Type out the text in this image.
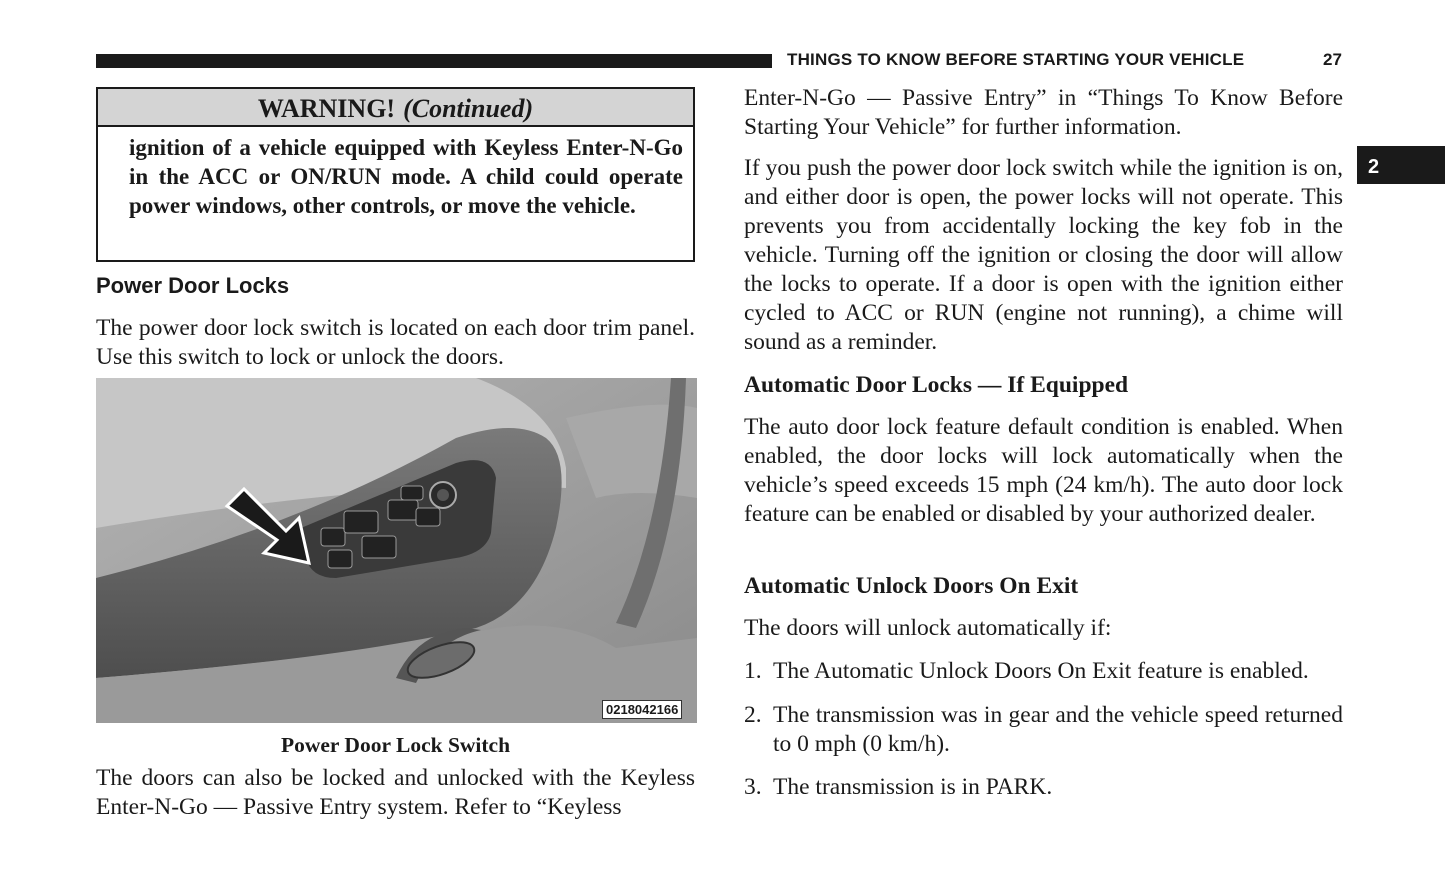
THINGS TO KNOW BEFORE STARTING YOUR VEHICLE	27
2
WARNING! (Continued)
ignition of a vehicle equipped with Keyless Enter-N-Go in the ACC or ON/RUN mode. A child could operate power windows, other controls, or move the vehicle.
Power Door Locks
The power door lock switch is located on each door trim panel. Use this switch to lock or unlock the doors.
0218042166
Power Door Lock Switch
The doors can also be locked and unlocked with the Keyless Enter-N-Go — Passive Entry system. Refer to “Keyless
Enter-N-Go — Passive Entry” in “Things To Know Before Starting Your Vehicle” for further information.
If you push the power door lock switch while the ignition is on, and either door is open, the power locks will not operate. This prevents you from accidentally locking the key fob in the vehicle. Turning off the ignition or closing the door will allow the locks to operate. If a door is open with the ignition either cycled to ACC or RUN (engine not running), a chime will sound as a reminder.
Automatic Door Locks — If Equipped
The auto door lock feature default condition is enabled. When enabled, the door locks will lock automatically when the vehicle’s speed exceeds 15 mph (24 km/h). The auto door lock feature can be enabled or disabled by your authorized dealer.
Automatic Unlock Doors On Exit
The doors will unlock automatically if:
1. The Automatic Unlock Doors On Exit feature is enabled.
2. The transmission was in gear and the vehicle speed returned to 0 mph (0 km/h).
3. The transmission is in PARK.
